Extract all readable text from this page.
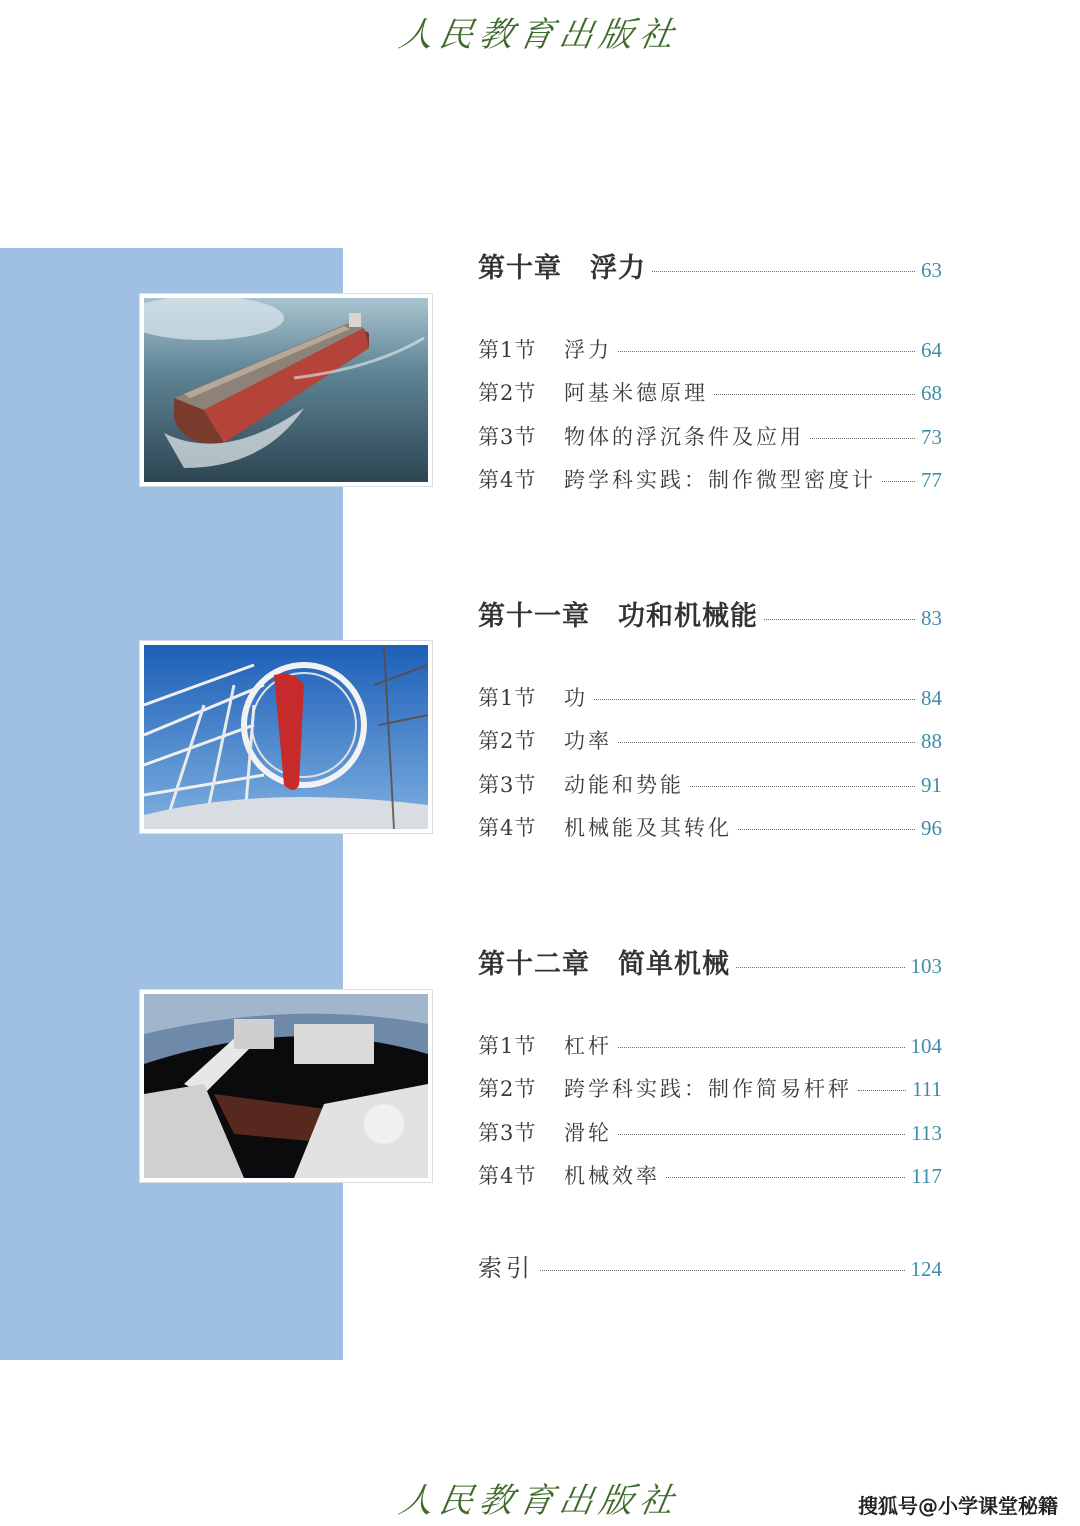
人民教育出版社
第十章 浮力	63
第1节	浮力	64
第2节	阿基米德原理	68
第3节	物体的浮沉条件及应用	73
第4节	跨学科实践：制作微型密度计 77
第十一章 功和机械能	83
第1节	功	84
第2节	功率	88
第3节	动能和势能	91
第4节	机械能及其转化	96
第十二章 简单机械	103
第1节	杠杆	104
第2节	跨学科实践：制作简易杆秤	111
第3节	滑轮	113
第4节	机械效率	117
索引	124
人民教育出版社	搜狐号@小学课堂秘籍
